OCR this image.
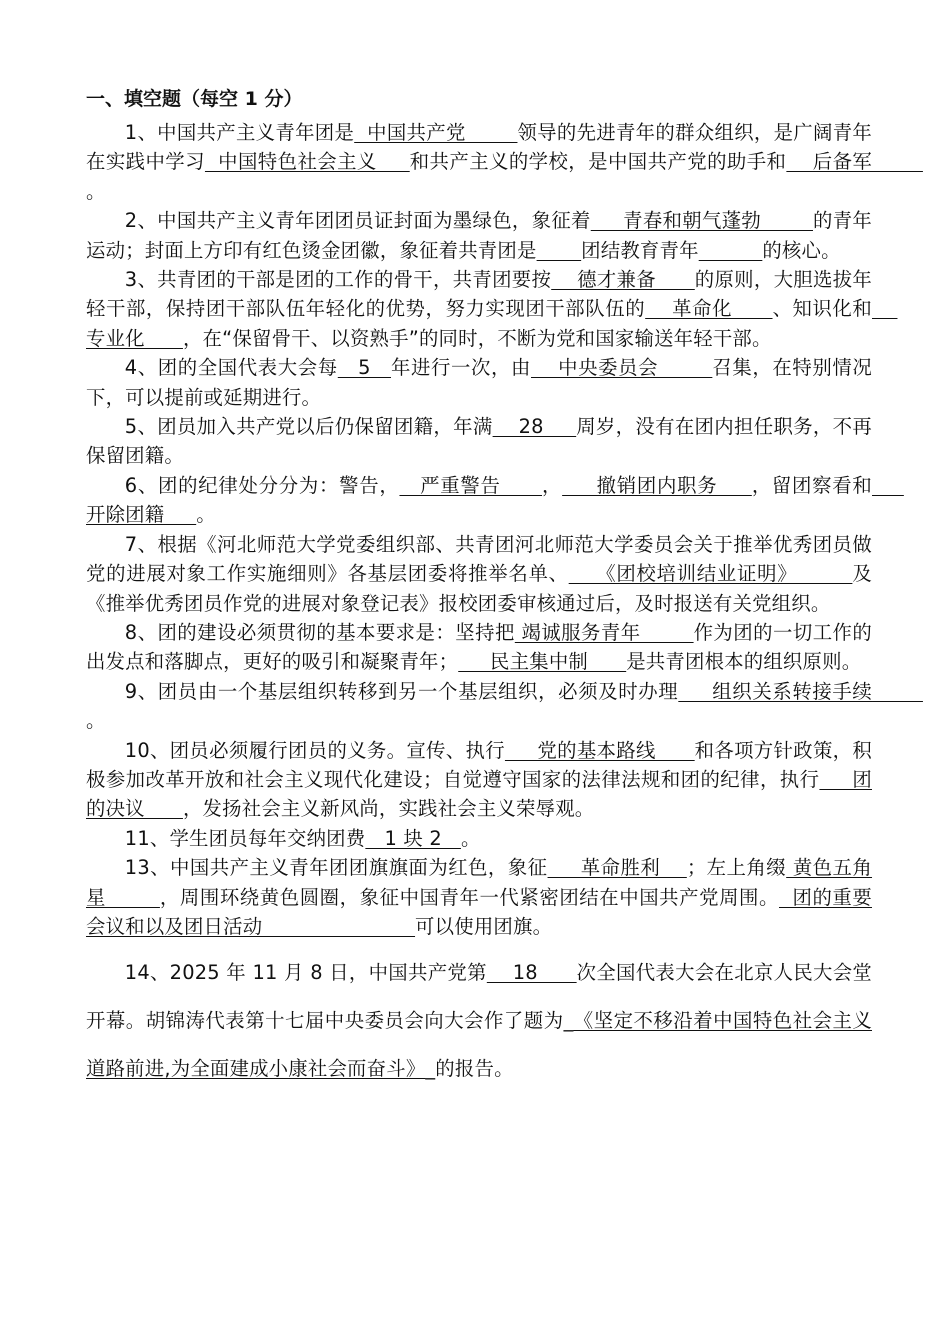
一、填空题（每空 1 分）

1、中国共产主义青年团是  中国共产党        领导的先进青年的群众组织，是广阔青年在实践中学习  中国特色社会主义     和共产主义的学校，是中国共产党的助手和    后备军        。

2、中国共产主义青年团团员证封面为墨绿色，象征着     青春和朝气蓬勃        的青年运动；封面上方印有红色烫金团徽，象征着共青团是 团结教育青年	的核心。

3、共青团的干部是团的工作的骨干，共青团要按    德才兼备      的原则，大胆选拔年轻干部，保持团干部队伍年轻化的优势，努力实现团干部队伍的    革命化      、知识化和    专业化      ，在“保留骨干、以资熟手”的同时，不断为党和国家输送年轻干部。

4、团的全国代表大会每   5   年进行一次，由    中央委员会        召集，在特别情况下，可以提前或延期进行。

5、团员加入共产党以后仍保留团籍，年满    28     周岁，没有在团内担任职务，不再保留团籍。

6、团的纪律处分分为：警告，   严重警告      ，     撤销团内职务     ，留团察看和     开除团籍     。

7、根据《河北师范大学党委组织部、共青团河北师范大学委员会关于推举优秀团员做党的进展对象工作实施细则》各基层团委将推举名单、    《团校培训结业证明》        及《推举优秀团员作党的进展对象登记表》报校团委审核通过后，及时报送有关党组织。

8、团的建设必须贯彻的基本要求是：坚持把 竭诚服务青年        作为团的一切工作的出发点和落脚点，更好的吸引和凝聚青年；     民主集中制      是共青团根本的组织原则。

9、团员由一个基层组织转移到另一个基层组织，必须及时办理     组织关系转接手续        。

10、团员必须履行团员的义务。宣传、执行     党的基本路线      和各项方针政策，积极参加改革开放和社会主义现代化建设；自觉遵守国家的法律法规和团的纪律，执行     团的决议      ，发扬社会主义新风尚，实践社会主义荣辱观。

11、学生团员每年交纳团费   1 块 2   。

13、中国共产主义青年团团旗旗面为红色，象征     革命胜利    ；左上角缀 黄色五角星        ，周围环绕黄色圆圈，象征中国青年一代紧密团结在中国共产党周围。  团的重要会议和以及团日活动                        可以使用团旗。

14、2025 年 11 月 8 日，中国共产党第    18      次全国代表大会在北京人民大会堂开幕。胡锦涛代表第十七届中央委员会向大会作了题为_《坚定不移沿着中国特色社会主义道路前进,为全面建成小康社会而奋斗》_的报告。
